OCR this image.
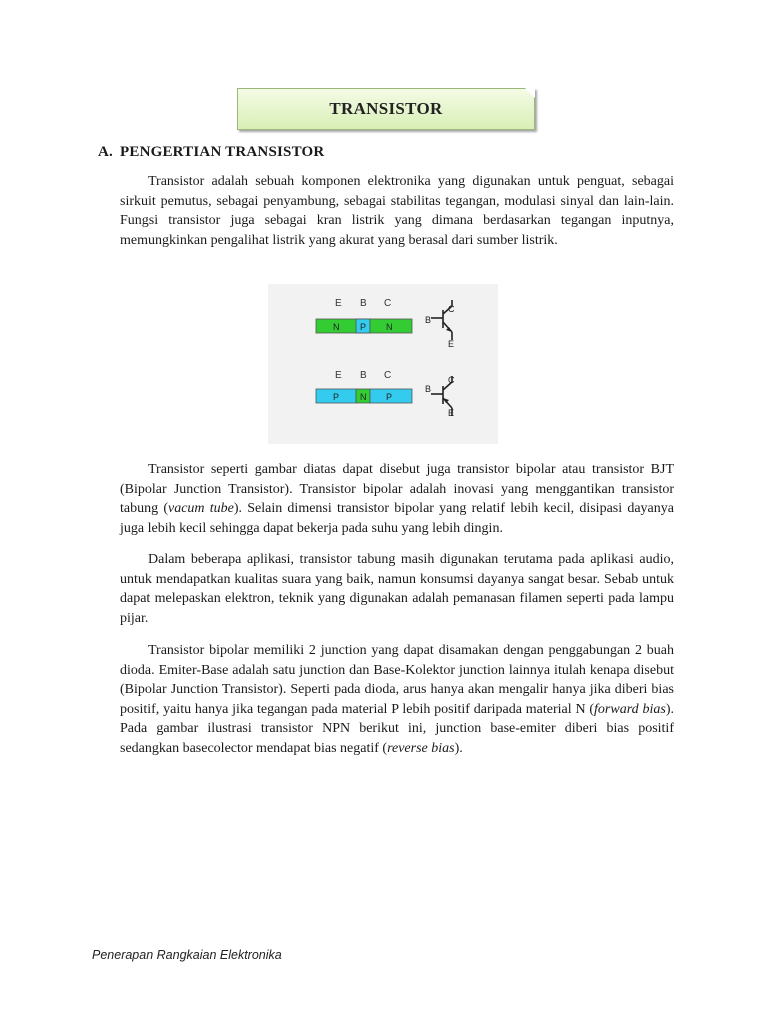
TRANSISTOR
A. PENGERTIAN TRANSISTOR

Transistor adalah sebuah komponen elektronika yang digunakan untuk penguat, sebagai sirkuit pemutus, sebagai penyambung, sebagai stabilitas tegangan, modulasi sinyal dan lain-lain. Fungsi transistor juga sebagai kran listrik yang dimana berdasarkan tegangan inputnya, memungkinkan pengalihat listrik yang akurat yang berasal dari sumber listrik.

E B C
N P N
B
C
E
E B C
P N P
B
C
E

Transistor seperti gambar diatas dapat disebut juga transistor bipolar atau transistor BJT (Bipolar Junction Transistor). Transistor bipolar adalah inovasi yang menggantikan transistor tabung (vacum tube). Selain dimensi transistor bipolar yang relatif lebih kecil, disipasi dayanya juga lebih kecil sehingga dapat bekerja pada suhu yang lebih dingin.

Dalam beberapa aplikasi, transistor tabung masih digunakan terutama pada aplikasi audio, untuk mendapatkan kualitas suara yang baik, namun konsumsi dayanya sangat besar. Sebab untuk dapat melepaskan elektron, teknik yang digunakan adalah pemanasan filamen seperti pada lampu pijar.

Transistor bipolar memiliki 2 junction yang dapat disamakan dengan penggabungan 2 buah dioda. Emiter-Base adalah satu junction dan Base-Kolektor junction lainnya itulah kenapa disebut (Bipolar Junction Transistor). Seperti pada dioda, arus hanya akan mengalir hanya jika diberi bias positif, yaitu hanya jika tegangan pada material P lebih positif daripada material N (forward bias). Pada gambar ilustrasi transistor NPN berikut ini, junction base-emiter diberi bias positif sedangkan basecolector mendapat bias negatif (reverse bias).

Penerapan Rangkaian Elektronika
